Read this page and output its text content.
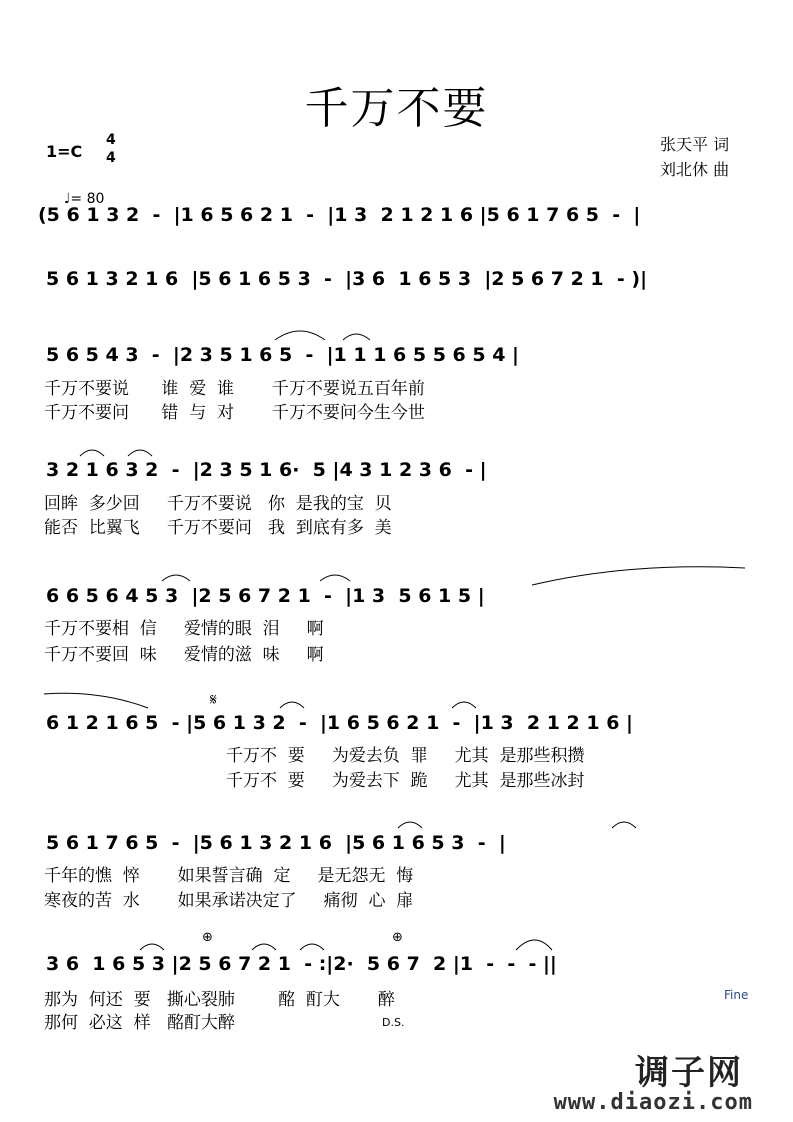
千万不要
1=C
4
4

♩= 80

张天平 词
刘北休 曲
(5 6 1 3 2  -  |1 6 5 6 2 1  -  |1 3  2 1 2 1 6 |5 6 1 7 6 5  -  |
5 6 1 3 2 1 6  |5 6 1 6 5 3  -  |3 6  1 6 5 3  |2 5 6 7 2 1  - )|
5 6 5 4 3  -  |2 3 5 1 6 5  -  |1 1 1 6 5 5 6 5 4 |
千万不要说      谁  爱  谁       千万不要说五百年前
千万不要问      错  与  对       千万不要问今生今世
3 2 1 6 3 2  -  |2 3 5 1 6·  5 |4 3 1 2 3 6  - |
回眸  多少回     千万不要说   你  是我的宝  贝
能否  比翼飞     千万不要问   我  到底有多  美
6 6 5 6 4 5 3  |2 5 6 7 2 1  -  |1 3  5 6 1 5 |
千万不要相  信     爱情的眼  泪     啊
千万不要回  味     爱情的滋  味     啊
6 1 2 1 6 5  - |5 6 1 3 2  -  |1 6 5 6 2 1  -  |1 3  2 1 2 1 6 |
千万不  要     为爱去负  罪     尤其  是那些积攒
千万不  要     为爱去下  跪     尤其  是那些冰封
5 6 1 7 6 5  -  |5 6 1 3 2 1 6  |5 6 1 6 5 3  -  |
千年的憔  悴       如果誓言确  定     是无怨无  悔
寒夜的苦  水       如果承诺决定了     痛彻  心  扉
3 6  1 6 5 3 |2 5 6 7 2 1  - :|2·  5 6 7  2 |1  -  -  - ||
那为  何还  要   撕心裂肺        酩  酊大       醉
那何  必这  样   酩酊大醉
Fine
D.S.
𝄋
⊕	⊕
调子网
www.diaozi.com
